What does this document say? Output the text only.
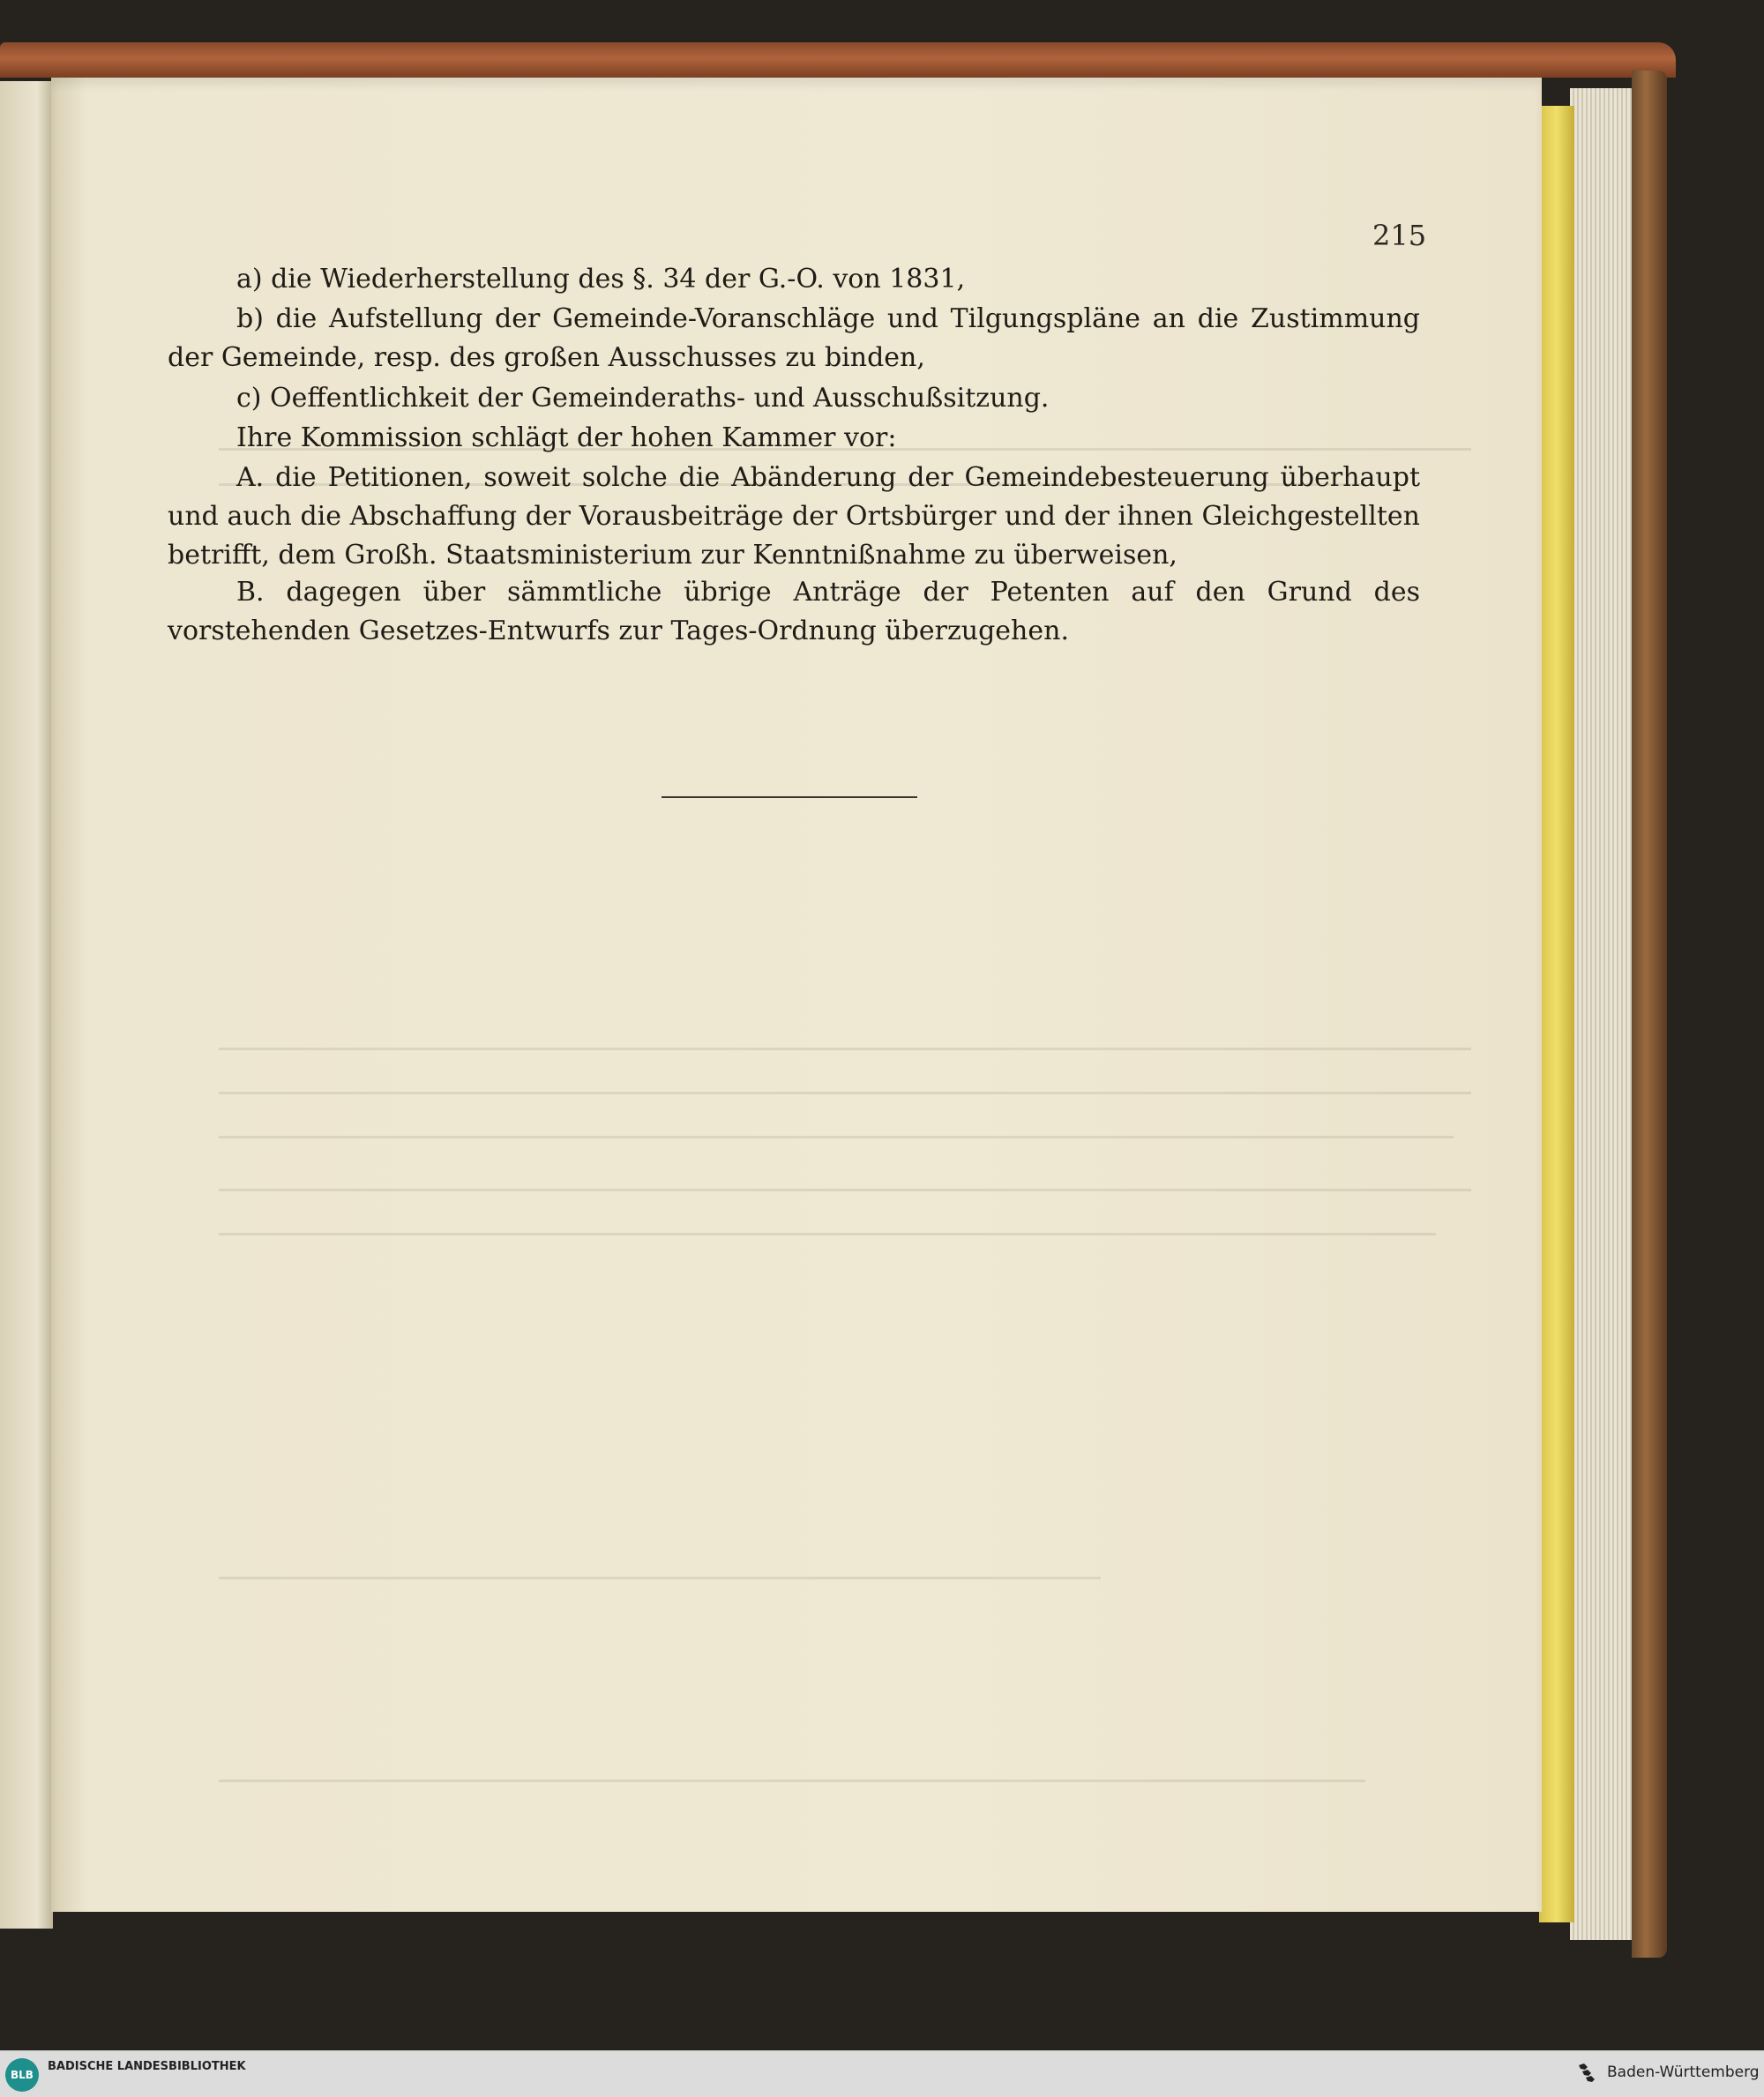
215
a) die Wiederherstellung des §. 34 der G.-O. von 1831,
b) die Aufstellung der Gemeinde-Voranschläge und Tilgungspläne an die Zustimmung der Gemeinde, resp. des großen Ausschusses zu binden,
c) Oeffentlichkeit der Gemeinderaths- und Ausschußsitzung.
Ihre Kommission schlägt der hohen Kammer vor:
A. die Petitionen, soweit solche die Abänderung der Gemeindebesteuerung überhaupt und auch die Abschaffung der Vorausbeiträge der Ortsbürger und der ihnen Gleichgestellten betrifft, dem Großh. Staatsministerium zur Kenntnißnahme zu überweisen,
B. dagegen über sämmtliche übrige Anträge der Petenten auf den Grund des vorstehenden Gesetzes-Entwurfs zur Tages-Ordnung überzugehen.
BLB
BADISCHE LANDESBIBLIOTHEK	Baden-Württemberg
